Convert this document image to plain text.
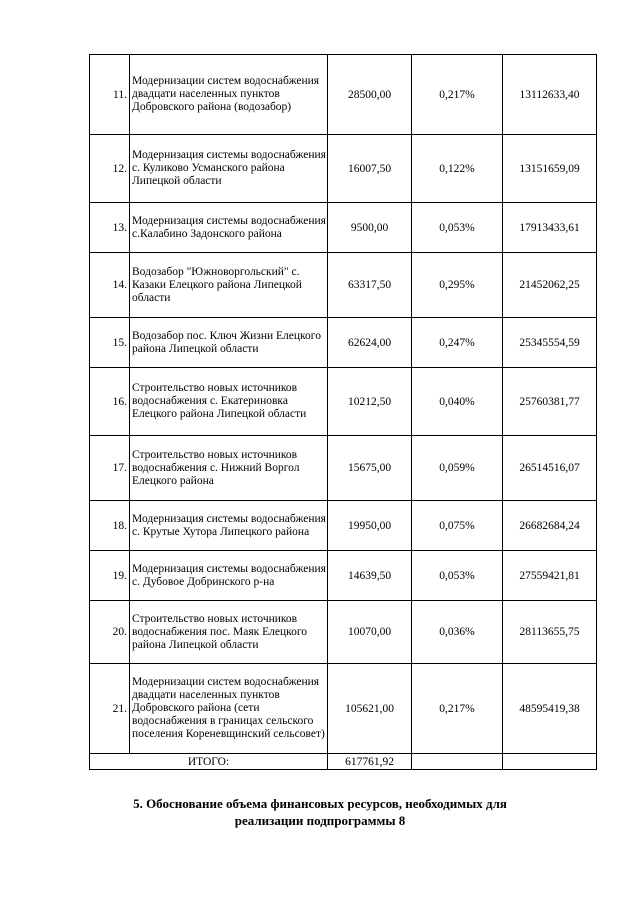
11.	Модернизации систем водоснабжения двадцати населенных пунктов Добровского района (водозабор)	28500,00	0,217%	13112633,40
12.	Модернизация системы водоснабжения с. Куликово Усманского района Липецкой области	16007,50	0,122%	13151659,09
13.	Модернизация системы водоснабжения с.Калабино Задонского района	9500,00	0,053%	17913433,61
14.	Водозабор "Южноворгольский" с. Казаки Елецкого района Липецкой области	63317,50	0,295%	21452062,25
15.	Водозабор пос. Ключ Жизни Елецкого района Липецкой области	62624,00	0,247%	25345554,59
16.	Строительство новых источников водоснабжения с. Екатериновка Елецкого района Липецкой области	10212,50	0,040%	25760381,77
17.	Строительство новых источников водоснабжения с. Нижний Воргол Елецкого района	15675,00	0,059%	26514516,07
18.	Модернизация системы водоснабжения с. Крутые Хутора Липецкого района	19950,00	0,075%	26682684,24
19.	Модернизация системы водоснабжения с. Дубовое Добринского р-на	14639,50	0,053%	27559421,81
20.	Строительство новых источников водоснабжения пос. Маяк Елецкого района Липецкой области	10070,00	0,036%	28113655,75
21.	Модернизации систем водоснабжения двадцати населенных пунктов Добровского района (сети водоснабжения в границах сельского поселения Кореневщинский сельсовет)	105621,00	0,217%	48595419,38
ИТОГО:		617761,92		
5. Обоснование объема финансовых ресурсов, необходимых для
реализации подпрограммы 8
